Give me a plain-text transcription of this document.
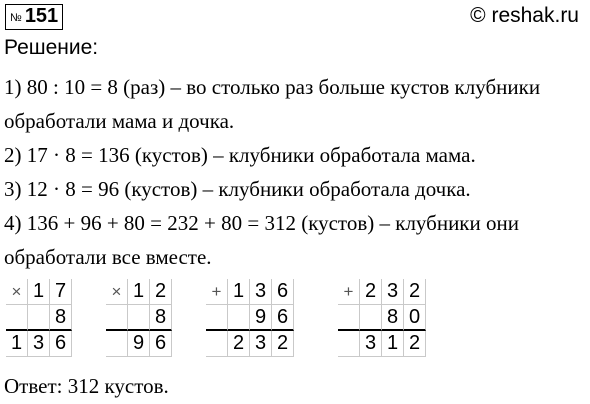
№ 151	© reshak.ru
Решение:

1) 80 : 10 = 8 (раз) – во столько раз больше кустов клубники

обработали мама и дочка.

2) 17 · 8 = 136 (кустов) – клубники обработала мама.

3) 12 · 8 = 96 (кустов) – клубники обработала дочка.

4) 136 + 96 + 80 = 232 + 80 = 312 (кустов) – клубники они

обработали все вместе.

× 1 7
8
1 3 6
× 1 2
8
9 6
+ 1 3 6
9 6
2 3 2
+ 2 3 2
8 0
3 1 2
Ответ: 312 кустов.
